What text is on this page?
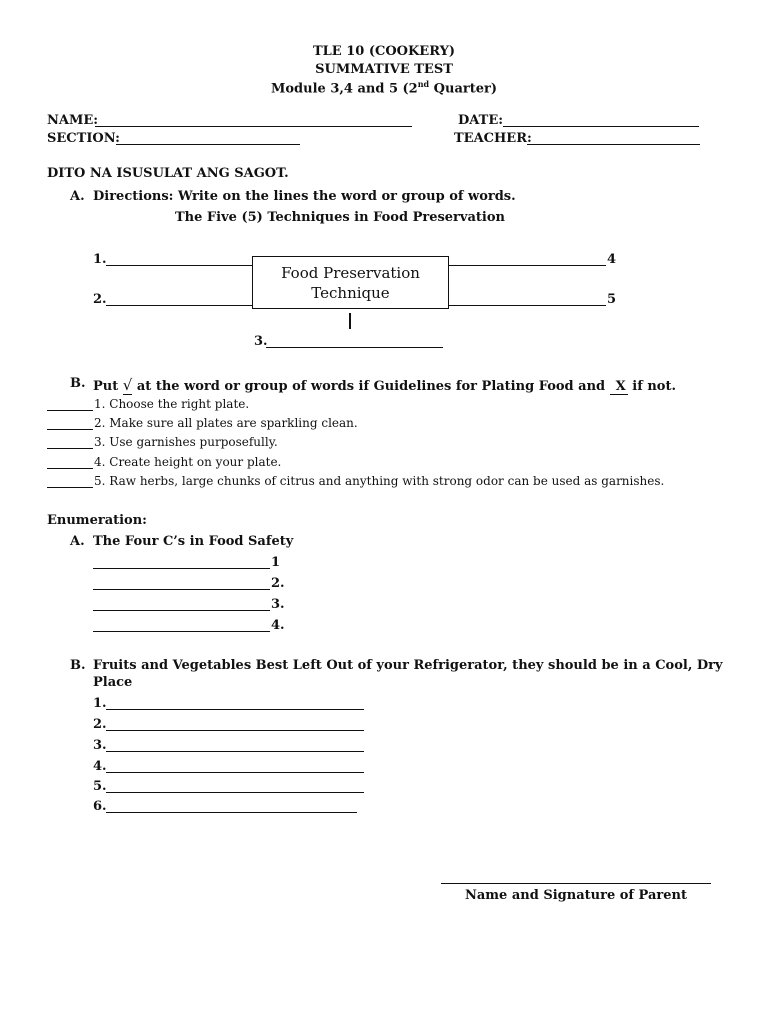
TLE 10 (COOKERY)
SUMMATIVE TEST
Module 3,4 and 5 (2nd Quarter)
NAME:	DATE:
SECTION:	TEACHER:
DITO NA ISUSULAT ANG SAGOT.
A. Directions: Write on the lines the word or group of words.
The Five (5) Techniques in Food Preservation
1.
2.
Food Preservation
Technique
4
5
3.
B. Put √ at the word or group of words if Guidelines for Plating Food and X if not.
1. Choose the right plate.
2. Make sure all plates are sparkling clean.
3. Use garnishes purposefully.
4. Create height on your plate.
5. Raw herbs, large chunks of citrus and anything with strong odor can be used as garnishes.
Enumeration:
A. The Four C’s in Food Safety
1
2.
3.
4.
B. Fruits and Vegetables Best Left Out of your Refrigerator, they should be in a Cool, Dry
Place
1.
2.
3.
4.
5.
6.
Name and Signature of Parent
